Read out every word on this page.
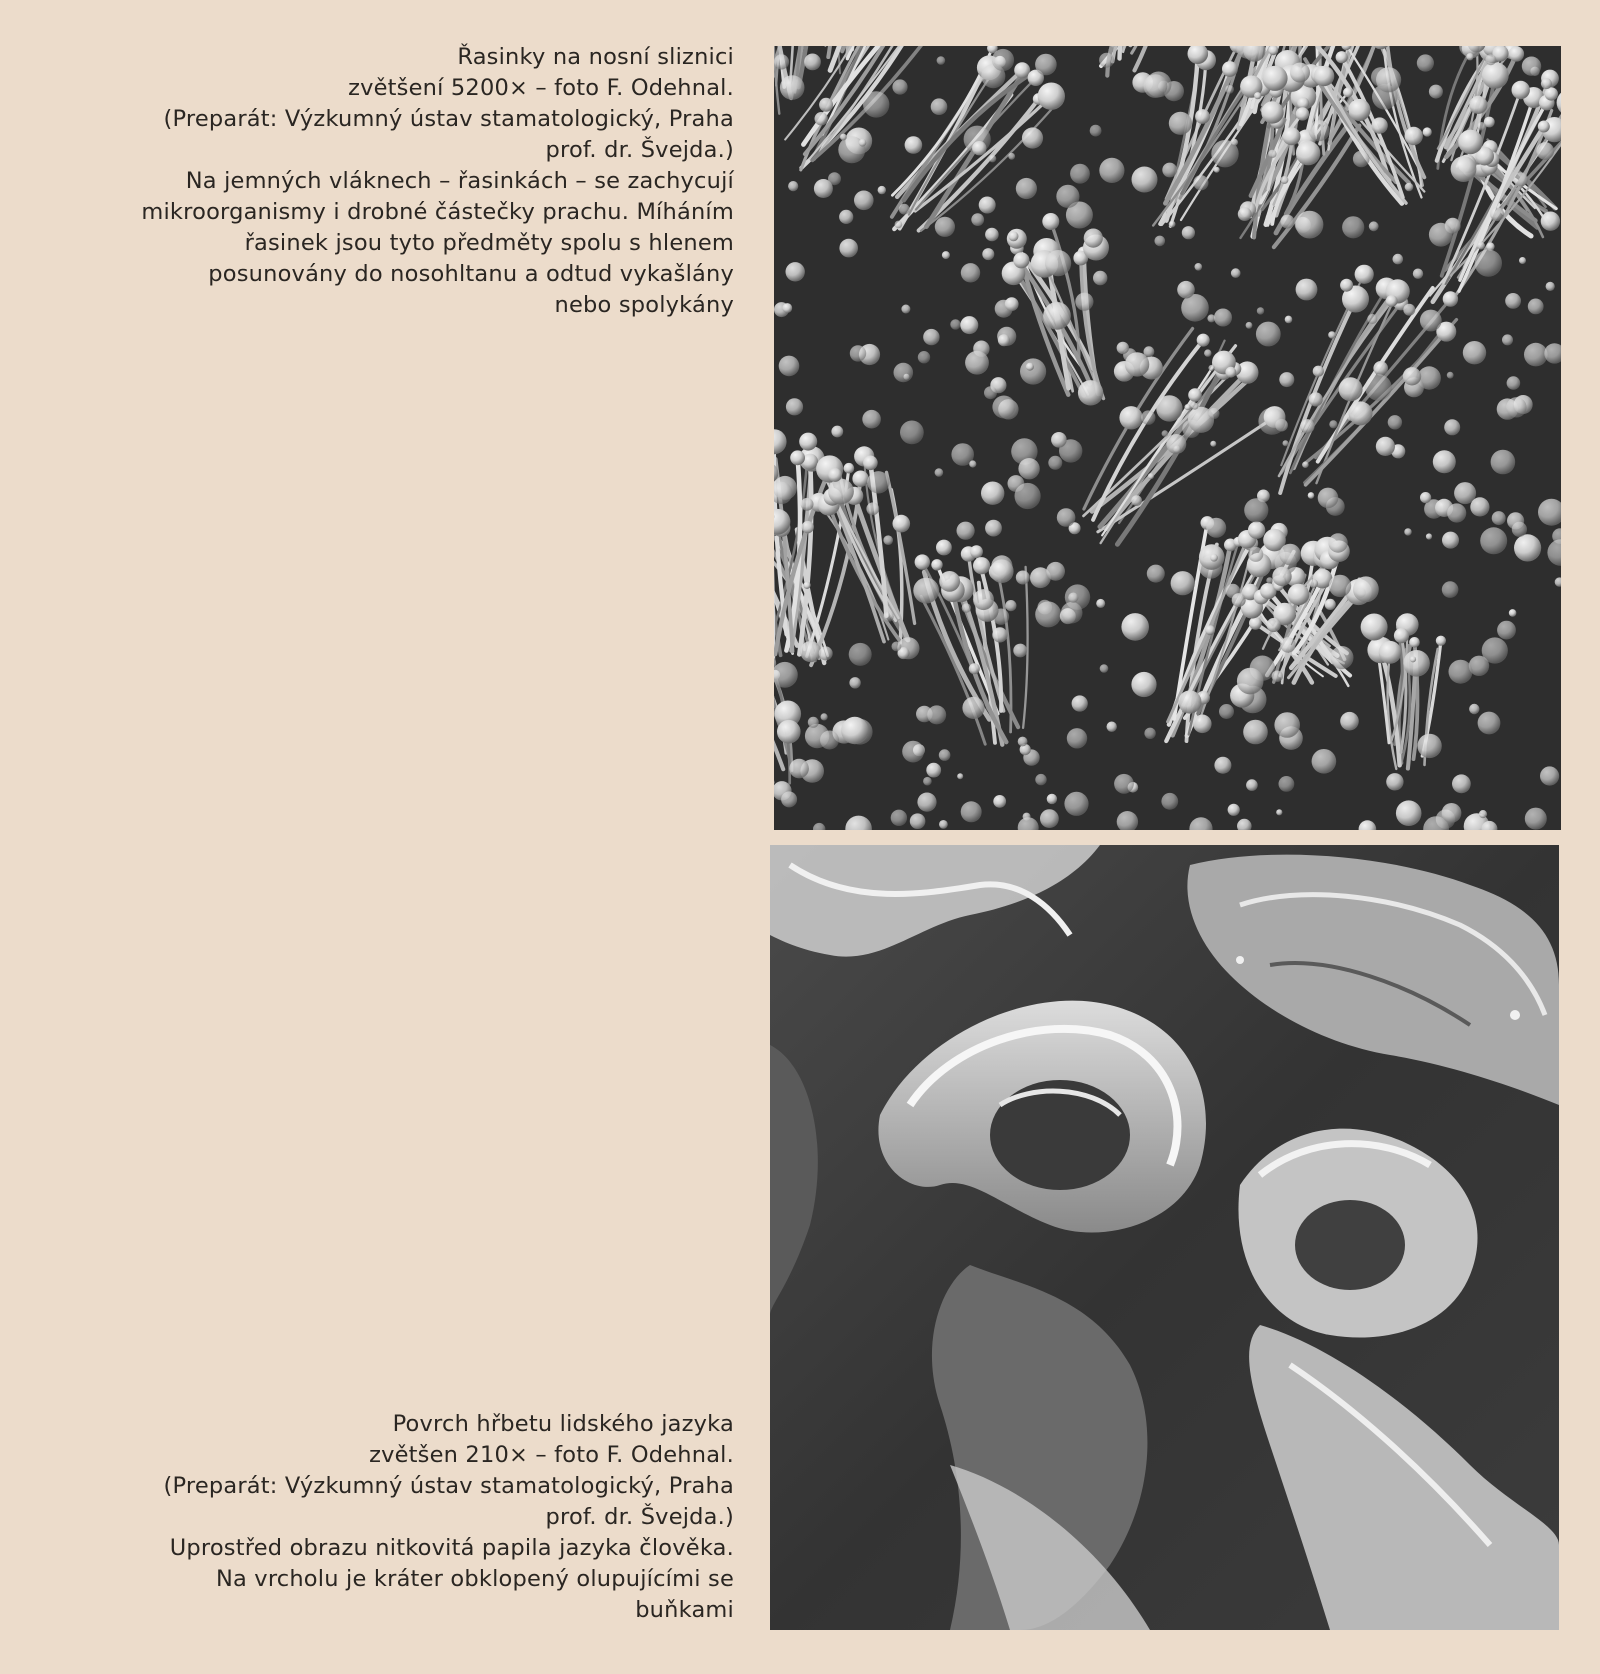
Řasinky na nosní sliznici
zvětšení 5200× – foto F. Odehnal.
(Preparát: Výzkumný ústav stamatologický, Praha
prof. dr. Švejda.)
Na jemných vláknech – řasinkách – se zachycují
mikroorganismy i drobné částečky prachu. Míháním
řasinek jsou tyto předměty spolu s hlenem
posunovány do nosohltanu a odtud vykašlány
nebo spolykány
Povrch hřbetu lidského jazyka
zvětšen 210× – foto F. Odehnal.
(Preparát: Výzkumný ústav stamatologický, Praha
prof. dr. Švejda.)
Uprostřed obrazu nitkovitá papila jazyka člověka.
Na vrcholu je kráter obklopený olupujícími se
buňkami
